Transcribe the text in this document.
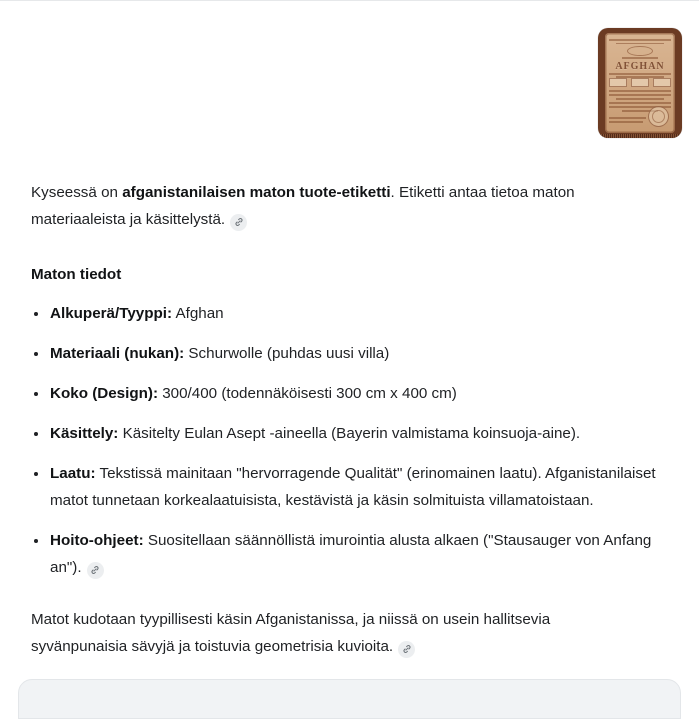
AFGHAN

Kyseessä on afganistanilaisen maton tuote-etiketti. Etiketti antaa tietoa maton materiaaleista ja käsittelystä.

Maton tiedot
Alkuperä/Tyyppi: Afghan
Materiaali (nukan): Schurwolle (puhdas uusi villa)
Koko (Design): 300/400 (todennäköisesti 300 cm x 400 cm)
Käsittely: Käsitelty Eulan Asept -aineella (Bayerin valmistama koinsuoja-aine).
Laatu: Tekstissä mainitaan "hervorragende Qualität" (erinomainen laatu). Afganistanilaiset matot tunnetaan korkealaatuisista, kestävistä ja käsin solmituista villamatoistaan.
Hoito-ohjeet: Suositellaan säännöllistä imurointia alusta alkaen ("Stausauger von Anfang an").

Matot kudotaan tyypillisesti käsin Afganistanissa, ja niissä on usein hallitsevia syvänpunaisia sävyjä ja toistuvia geometrisia kuvioita.
